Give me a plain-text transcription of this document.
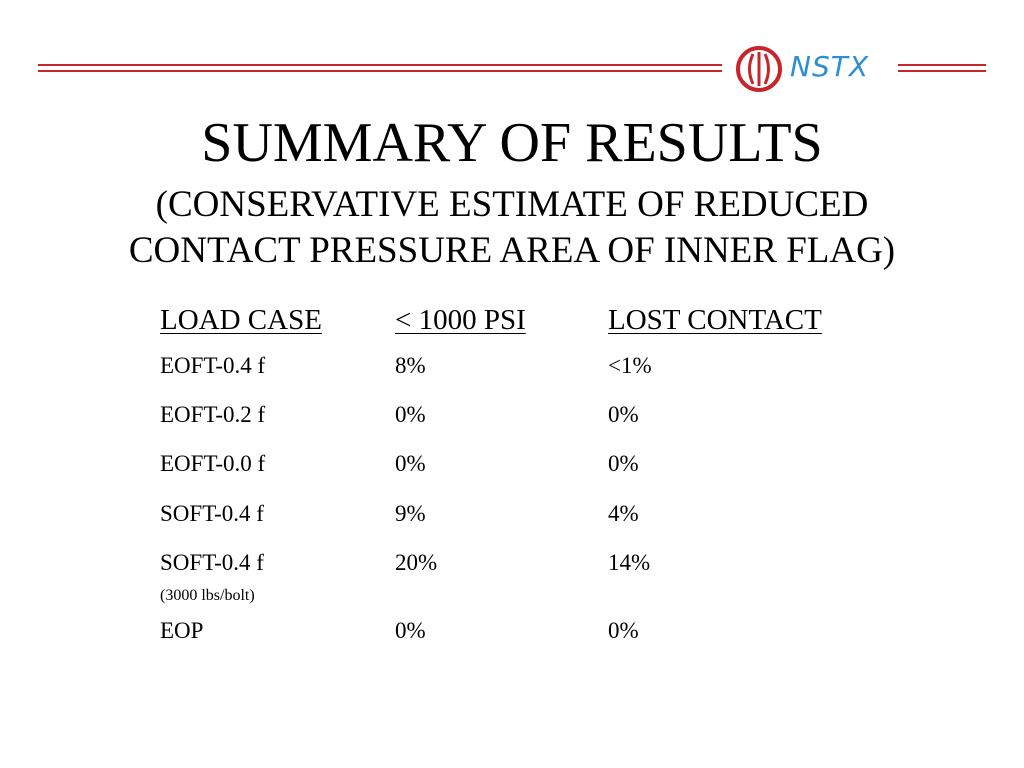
NSTX
SUMMARY OF RESULTS
(CONSERVATIVE ESTIMATE OF REDUCED
CONTACT PRESSURE AREA OF INNER FLAG)
LOAD CASE	< 1000 PSI	LOST CONTACT
EOFT-0.4 f	8%	<1%
EOFT-0.2 f	0%	0%
EOFT-0.0 f	0%	0%
SOFT-0.4 f	9%	4%
SOFT-0.4 f	20%	14%
(3000 lbs/bolt)
EOP	0%	0%
